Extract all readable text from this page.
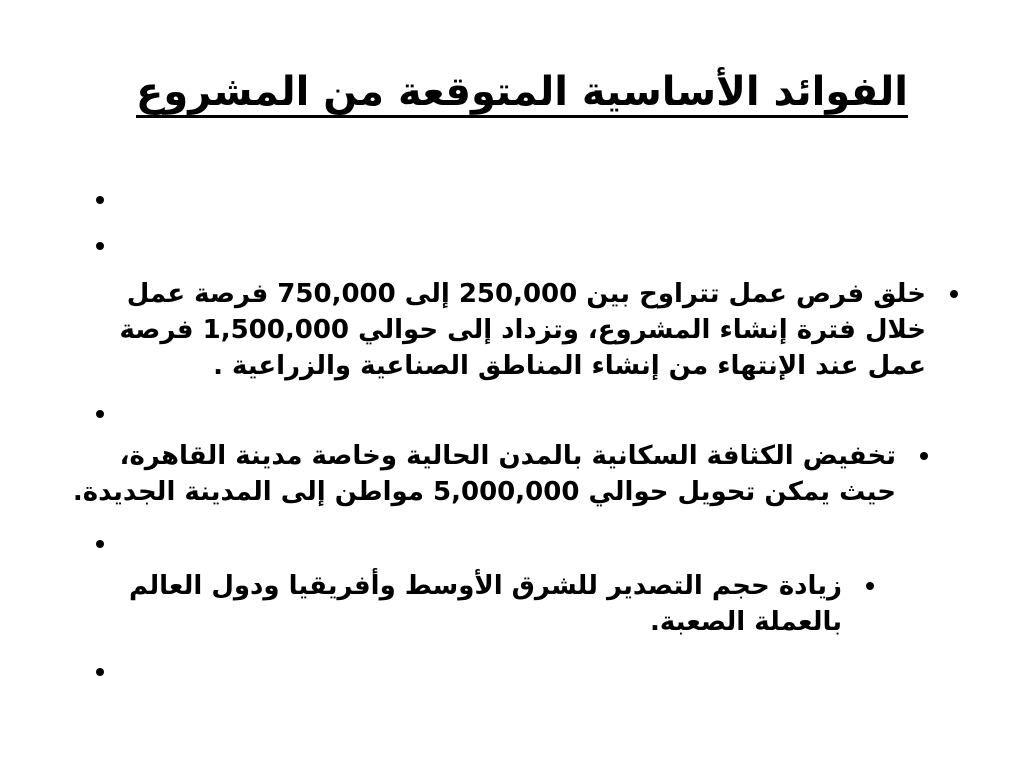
الفوائد الأساسية المتوقعة من المشروع
خلق فرص عمل تتراوح بين 250,000 إلى 750,000 فرصة عمل خلال فترة إنشاء المشروع، وتزداد إلى حوالي 1,500,000 فرصة عمل عند الإنتهاء من إنشاء المناطق الصناعية والزراعية .
تخفيض الكثافة السكانية بالمدن الحالية وخاصة مدينة القاهرة، حيث يمكن تحويل حوالي 5,000,000 مواطن إلى المدينة الجديدة.
زيادة حجم التصدير للشرق الأوسط وأفريقيا ودول العالم بالعملة الصعبة.
